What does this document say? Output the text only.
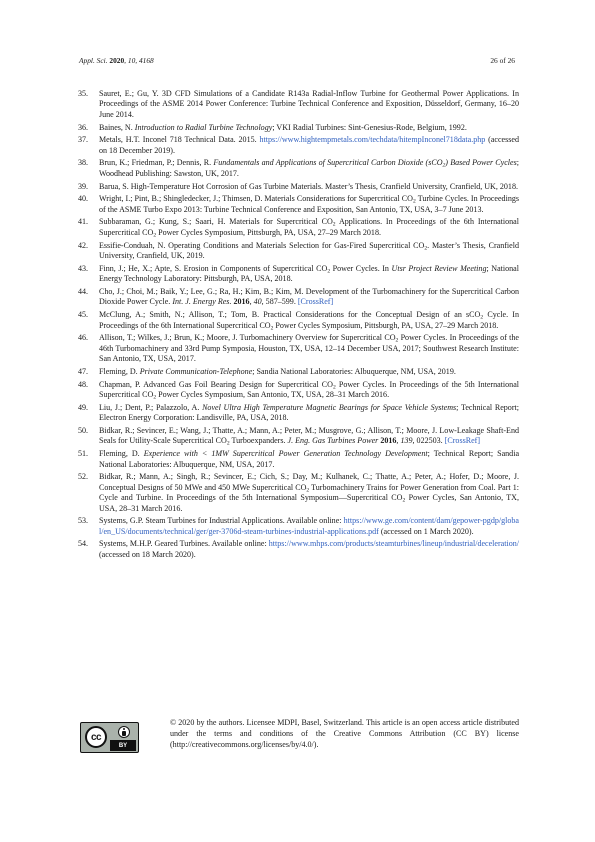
Appl. Sci. 2020, 10, 4168	26 of 26
35.	Sauret, E.; Gu, Y. 3D CFD Simulations of a Candidate R143a Radial-Inflow Turbine for Geothermal Power Applications. In Proceedings of the ASME 2014 Power Conference: Turbine Technical Conference and Exposition, Düsseldorf, Germany, 16–20 June 2014.
36.	Baines, N. Introduction to Radial Turbine Technology; VKI Radial Turbines: Sint-Genesius-Rode, Belgium, 1992.
37.	Metals, H.T. Inconel 718 Technical Data. 2015. https://www.hightempmetals.com/techdata/hitempInconel718data.php (accessed on 18 December 2019).
38.	Brun, K.; Friedman, P.; Dennis, R. Fundamentals and Applications of Supercritical Carbon Dioxide (sCO$_2$) Based Power Cycles; Woodhead Publishing: Sawston, UK, 2017.
39.	Barua, S. High-Temperature Hot Corrosion of Gas Turbine Materials. Master’s Thesis, Cranfield University, Cranfield, UK, 2018.
40.	Wright, I.; Pint, B.; Shingledecker, J.; Thimsen, D. Materials Considerations for Supercritical $CO_2$ Turbine Cycles. In Proceedings of the ASME Turbo Expo 2013: Turbine Technical Conference and Exposition, San Antonio, TX, USA, 3–7 June 2013.
41.	Subbaraman, G.; Kung, S.; Saari, H. Materials for Supercritical $CO_2$ Applications. In Proceedings of the 6th International Supercritical $CO_2$ Power Cycles Symposium, Pittsburgh, PA, USA, 27–29 March 2018.
42.	Essifie-Conduah, N. Operating Conditions and Materials Selection for Gas-Fired Supercritical $CO_2$. Master’s Thesis, Cranfield University, Cranfield, UK, 2019.
43.	Finn, J.; He, X.; Apte, S. Erosion in Components of Supercritical $CO_2$ Power Cycles. In Utsr Project Review Meeting; National Energy Technology Laboratory: Pittsburgh, PA, USA, 2018.
44.	Cho, J.; Choi, M.; Baik, Y.; Lee, G.; Ra, H.; Kim, B.; Kim, M. Development of the Turbomachinery for the Supercritical Carbon Dioxide Power Cycle. Int. J. Energy Res. 2016, 40, 587–599. [CrossRef]
45.	McClung, A.; Smith, N.; Allison, T.; Tom, B. Practical Considerations for the Conceptual Design of an sCO$_2$ Cycle. In Proceedings of the 6th International Supercritical $CO_2$ Power Cycles Symposium, Pittsburgh, PA, USA, 27–29 March 2018.
46.	Allison, T.; Wilkes, J.; Brun, K.; Moore, J. Turbomachinery Overview for Supercritical $CO_2$ Power Cycles. In Proceedings of the 46th Turbomachinery and 33rd Pump Symposia, Houston, TX, USA, 12–14 December USA, 2017; Southwest Research Institute: San Antonio, TX, USA, 2017.
47.	Fleming, D. Private Communication-Telephone; Sandia National Laboratories: Albuquerque, NM, USA, 2019.
48.	Chapman, P. Advanced Gas Foil Bearing Design for Supercritical $CO_2$ Power Cycles. In Proceedings of the 5th International Supercritical $CO_2$ Power Cycles Symposium, San Antonio, TX, USA, 28–31 March 2016.
49.	Liu, J.; Dent, P.; Palazzolo, A. Novel Ultra High Temperature Magnetic Bearings for Space Vehicle Systems; Technical Report; Electron Energy Corporation: Landisville, PA, USA, 2018.
50.	Bidkar, R.; Sevincer, E.; Wang, J.; Thatte, A.; Mann, A.; Peter, M.; Musgrove, G.; Allison, T.; Moore, J. Low-Leakage Shaft-End Seals for Utility-Scale Supercritical $CO_2$ Turboexpanders. J. Eng. Gas Turbines Power 2016, 139, 022503. [CrossRef]
51.	Fleming, D. Experience with < 1MW Supercritical Power Generation Technology Development; Technical Report; Sandia National Laboratories: Albuquerque, NM, USA, 2017.
52.	Bidkar, R.; Mann, A.; Singh, R.; Sevincer, E.; Cich, S.; Day, M.; Kulhanek, C.; Thatte, A.; Peter, A.; Hofer, D.; Moore, J. Conceptual Designs of 50 MWe and 450 MWe Supercritical $CO_2$ Turbomachinery Trains for Power Generation from Coal. Part 1: Cycle and Turbine. In Proceedings of the 5th International Symposium—Supercritical $CO_2$ Power Cycles, San Antonio, TX, USA, 28–31 March 2016.
53.	Systems, G.P. Steam Turbines for Industrial Applications. Available online: https://www.ge.com/content/dam/gepower-pgdp/global/en_US/documents/technical/ger/ger-3706d-steam-turbines-industrial-applications.pdf (accessed on 1 March 2020).
54.	Systems, M.H.P. Geared Turbines. Available online: https://www.mhps.com/products/steamturbines/lineup/industrial/deceleration/ (accessed on 18 March 2020).
cc
BY
© 2020 by the authors. Licensee MDPI, Basel, Switzerland. This article is an open access article distributed under the terms and conditions of the Creative Commons Attribution (CC BY) license (http://creativecommons.org/licenses/by/4.0/).
